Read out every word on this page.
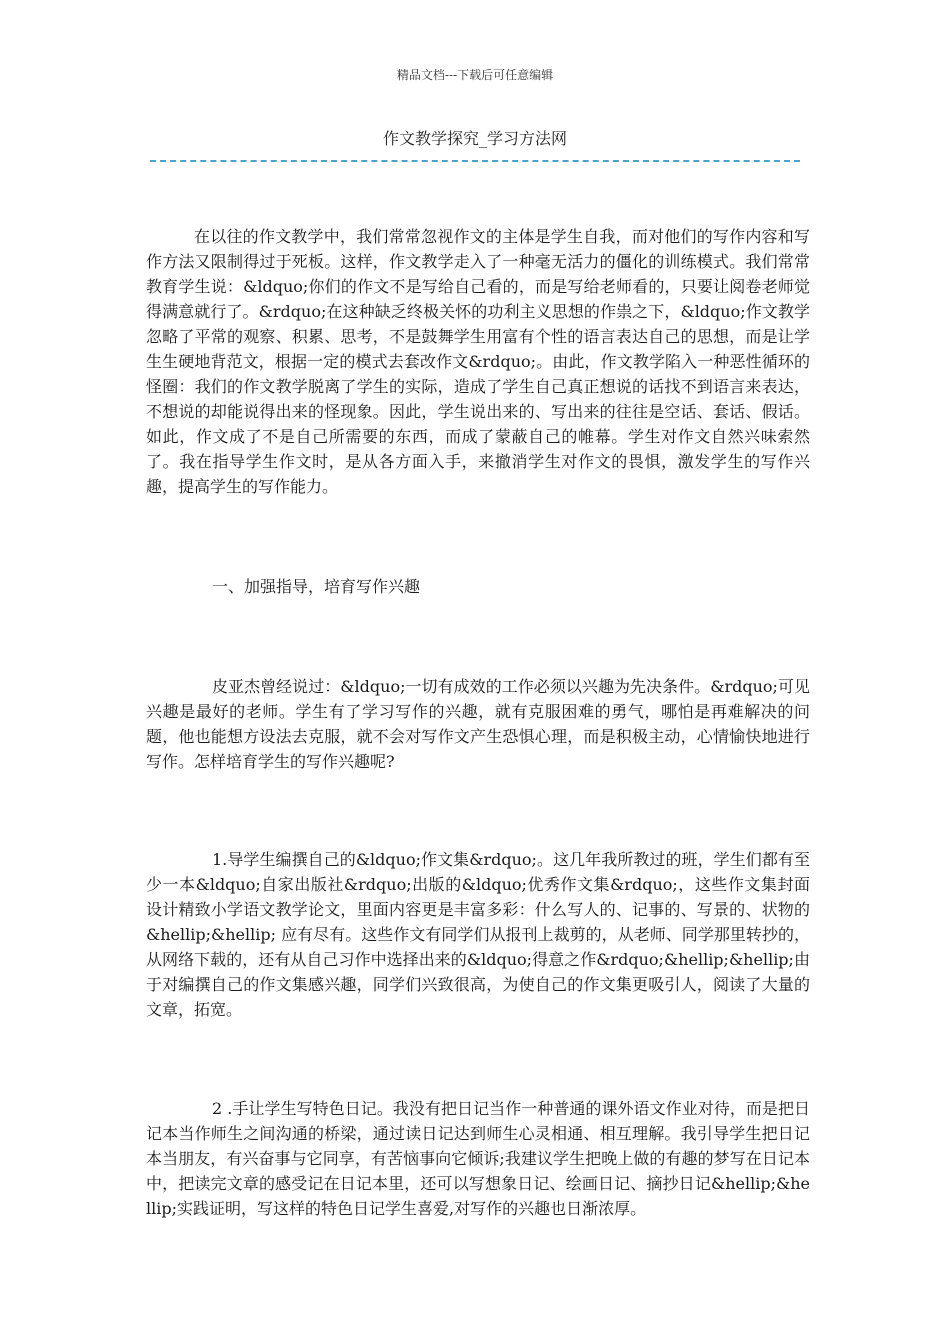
精品文档---下载后可任意编辑
作文教学探究_学习方法网

在以往的作文教学中，我们常常忽视作文的主体是学生自我，而对他们的写作内容和写作方法又限制得过于死板。这样，作文教学走入了一种毫无活力的僵化的训练模式。我们常常教育学生说：&ldquo;你们的作文不是写给自己看的，而是写给老师看的，只要让阅卷老师觉得满意就行了。&rdquo;在这种缺乏终极关怀的功利主义思想的作祟之下，&ldquo;作文教学忽略了平常的观察、积累、思考，不是鼓舞学生用富有个性的语言表达自己的思想，而是让学生生硬地背范文，根据一定的模式去套改作文&rdquo;。由此，作文教学陷入一种恶性循环的怪圈：我们的作文教学脱离了学生的实际，造成了学生自己真正想说的话找不到语言来表达，不想说的却能说得出来的怪现象。因此，学生说出来的、写出来的往往是空话、套话、假话。如此，作文成了不是自己所需要的东西，而成了蒙蔽自己的帷幕。学生对作文自然兴味索然了。我在指导学生作文时，是从各方面入手，来撤消学生对作文的畏惧，激发学生的写作兴趣，提高学生的写作能力。

一、加强指导，培育写作兴趣

皮亚杰曾经说过：&ldquo;一切有成效的工作必须以兴趣为先决条件。&rdquo;可见兴趣是最好的老师。学生有了学习写作的兴趣，就有克服困难的勇气，哪怕是再难解决的问题，他也能想方设法去克服，就不会对写作文产生恐惧心理，而是积极主动，心情愉快地进行写作。怎样培育学生的写作兴趣呢?

1.导学生编撰自己的&ldquo;作文集&rdquo;。这几年我所教过的班，学生们都有至少一本&ldquo;自家出版社&rdquo;出版的&ldquo;优秀作文集&rdquo;，这些作文集封面设计精致小学语文教学论文，里面内容更是丰富多彩：什么写人的、记事的、写景的、状物的&hellip;&hellip; 应有尽有。这些作文有同学们从报刊上裁剪的，从老师、同学那里转抄的，从网络下载的，还有从自己习作中选择出来的&ldquo;得意之作&rdquo;&hellip;&hellip;由于对编撰自己的作文集感兴趣，同学们兴致很高，为使自己的作文集更吸引人，阅读了大量的文章，拓宽。

2 .手让学生写特色日记。我没有把日记当作一种普通的课外语文作业对待，而是把日记本当作师生之间沟通的桥梁，通过读日记达到师生心灵相通、相互理解。我引导学生把日记本当朋友，有兴奋事与它同享，有苦恼事向它倾诉;我建议学生把晚上做的有趣的梦写在日记本中，把读完文章的感受记在日记本里，还可以写想象日记、绘画日记、摘抄日记&hellip;&hellip;实践证明，写这样的特色日记学生喜爱,对写作的兴趣也日渐浓厚。
